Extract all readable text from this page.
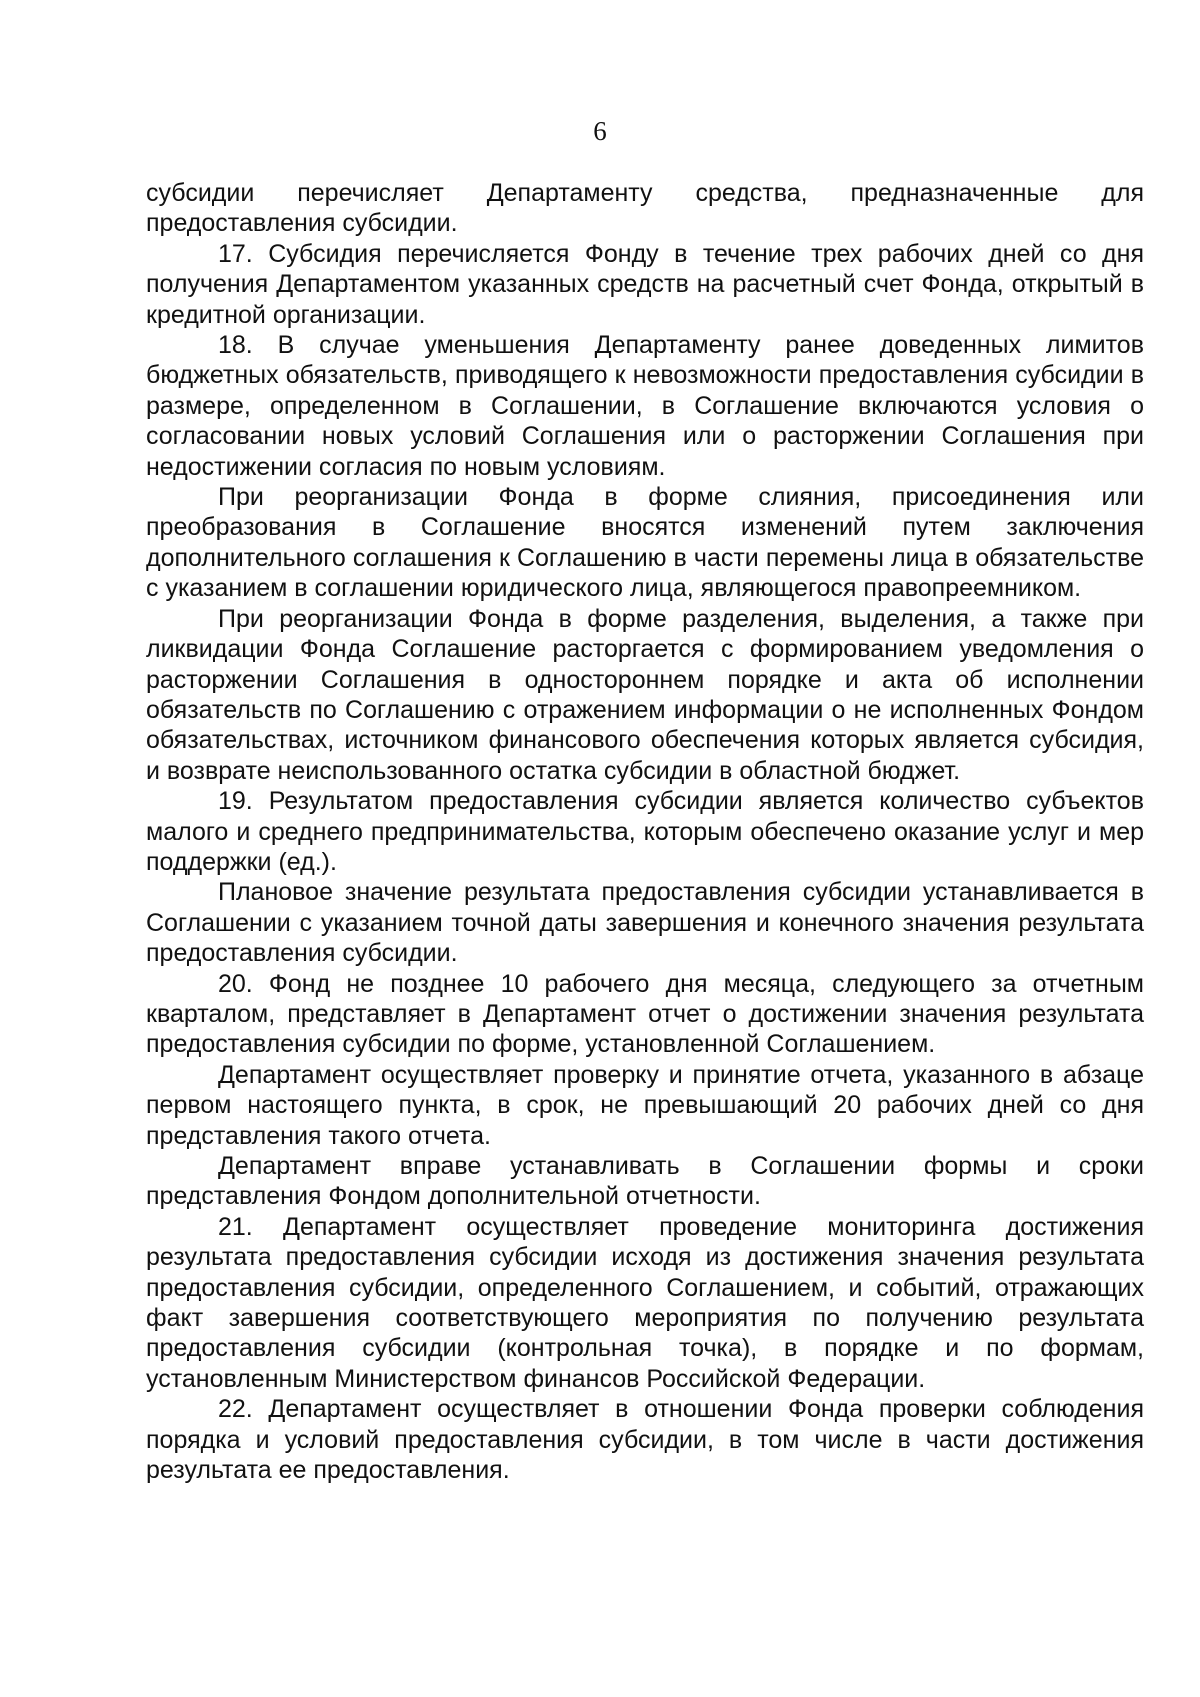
6

субсидии перечисляет Департаменту средства, предназначенные для предоставления субсидии.

17. Субсидия перечисляется Фонду в течение трех рабочих дней со дня получения Департаментом указанных средств на расчетный счет Фонда, открытый в кредитной организации.

18. В случае уменьшения Департаменту ранее доведенных лимитов бюджетных обязательств, приводящего к невозможности предоставления субсидии в размере, определенном в Соглашении, в Соглашение включаются условия о согласовании новых условий Соглашения или о расторжении Соглашения при недостижении согласия по новым условиям.

При реорганизации Фонда в форме слияния, присоединения или преобразования в Соглашение вносятся изменений путем заключения дополнительного соглашения к Соглашению в части перемены лица в обязательстве с указанием в соглашении юридического лица, являющегося правопреемником.

При реорганизации Фонда в форме разделения, выделения, а также при ликвидации Фонда Соглашение расторгается с формированием уведомления о расторжении Соглашения в одностороннем порядке и акта об исполнении обязательств по Соглашению с отражением информации о не исполненных Фондом обязательствах, источником финансового обеспечения которых является субсидия, и возврате неиспользованного остатка субсидии в областной бюджет.

19. Результатом предоставления субсидии является количество субъектов малого и среднего предпринимательства, которым обеспечено оказание услуг и мер поддержки (ед.).

Плановое значение результата предоставления субсидии устанавливается в Соглашении с указанием точной даты завершения и конечного значения результата предоставления субсидии.

20. Фонд не позднее 10 рабочего дня месяца, следующего за отчетным кварталом, представляет в Департамент отчет о достижении значения результата предоставления субсидии по форме, установленной Соглашением.

Департамент осуществляет проверку и принятие отчета, указанного в абзаце первом настоящего пункта, в срок, не превышающий 20 рабочих дней со дня представления такого отчета.

Департамент вправе устанавливать в Соглашении формы и сроки представления Фондом дополнительной отчетности.

21. Департамент осуществляет проведение мониторинга достижения результата предоставления субсидии исходя из достижения значения результата предоставления субсидии, определенного Соглашением, и событий, отражающих факт завершения соответствующего мероприятия по получению результата предоставления субсидии (контрольная точка), в порядке и по формам, установленным Министерством финансов Российской Федерации.

22. Департамент осуществляет в отношении Фонда проверки соблюдения порядка и условий предоставления субсидии, в том числе в части достижения результата ее предоставления.
